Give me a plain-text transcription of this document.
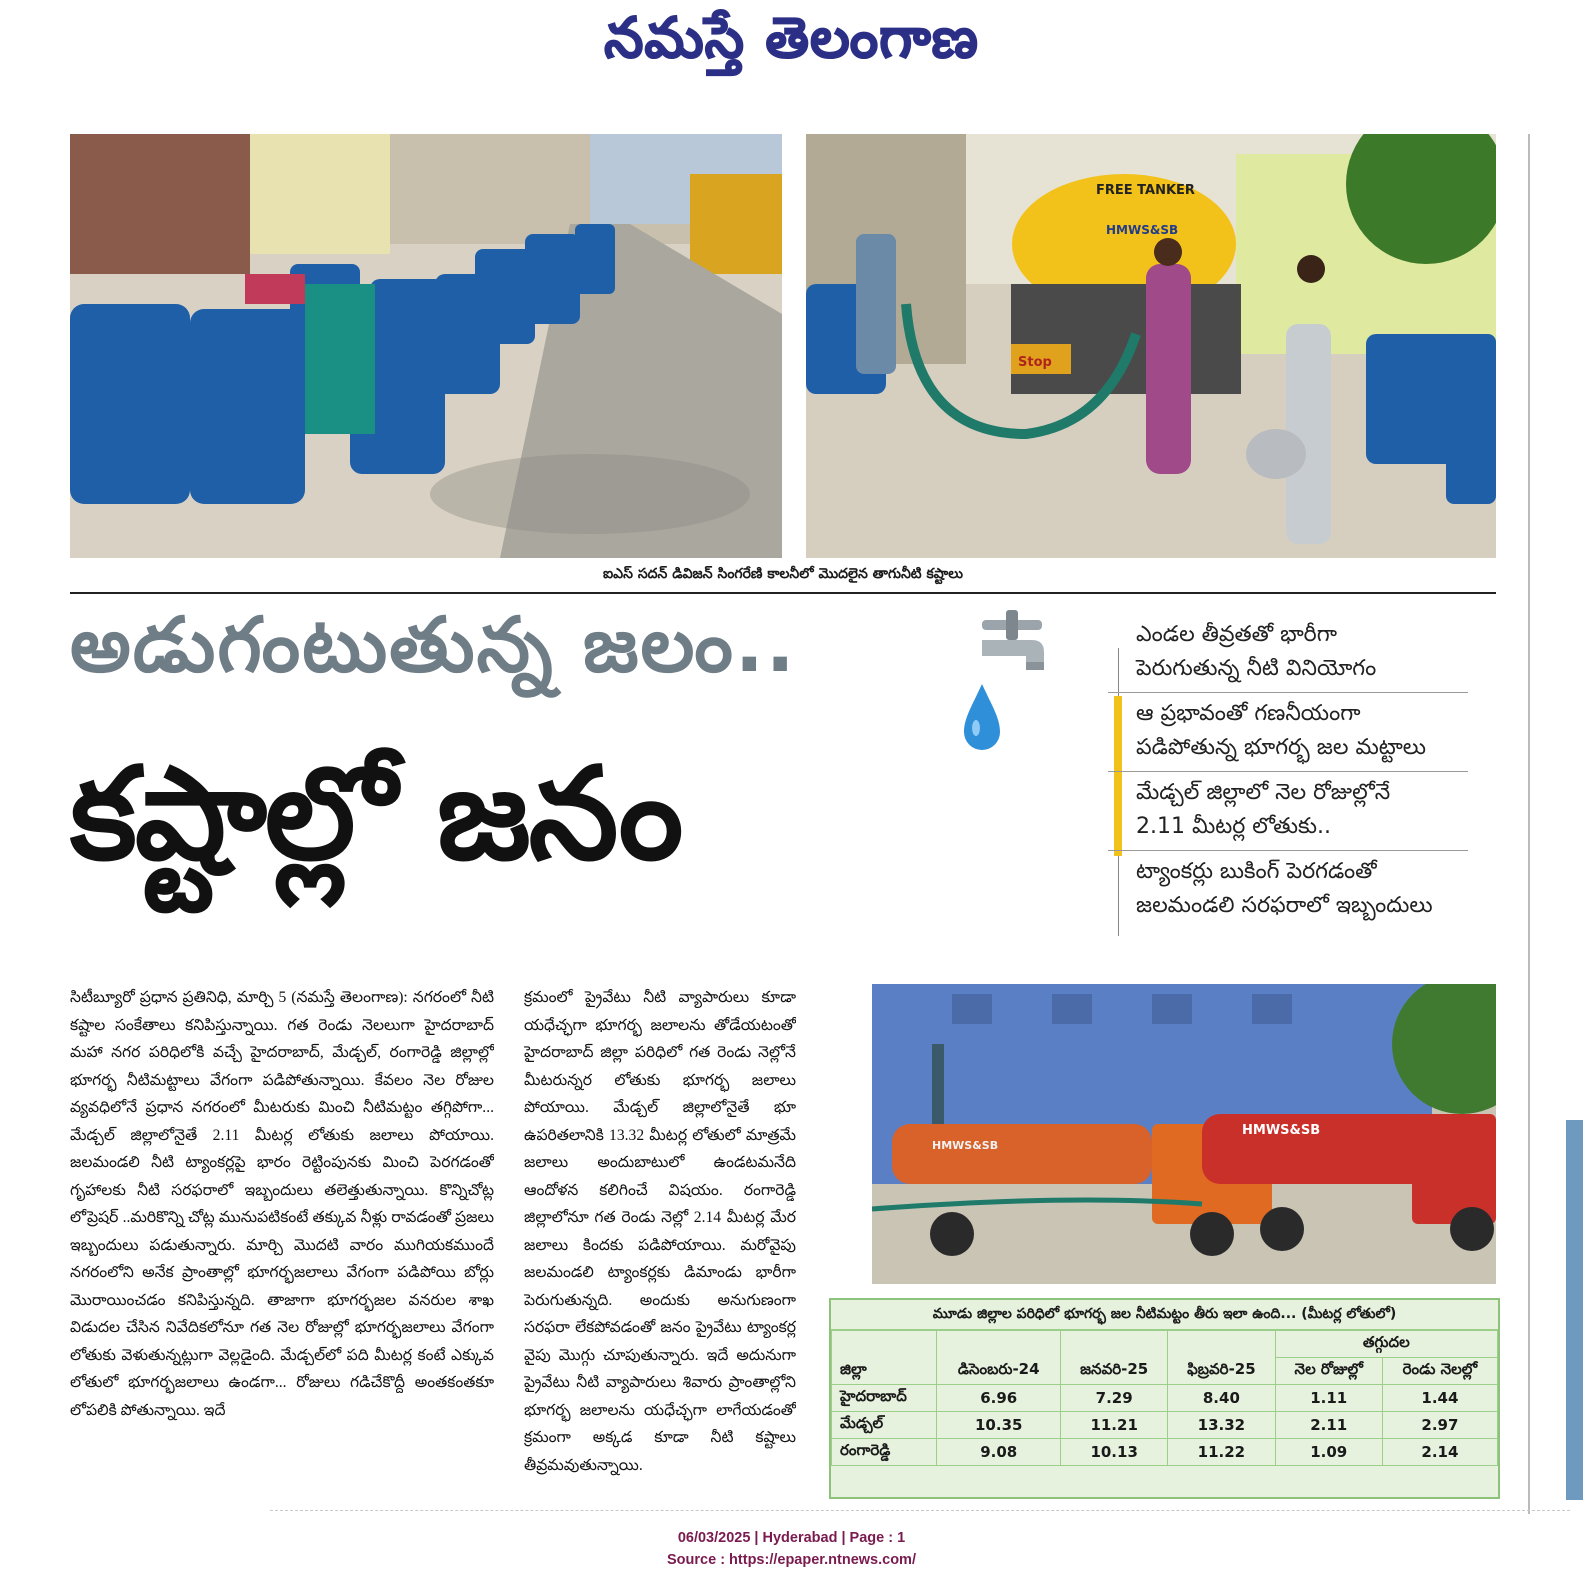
నమస్తే తెలంగాణ
FREE TANKER
HMWS&SB
Stop
ఐఎస్ సదన్ డివిజన్ సింగరేణి కాలనీలో మొదలైన తాగునీటి కష్టాలు
అడుగంటుతున్న జలం..
కష్టాల్లో జనం
ఎండల తీవ్రతతో భారీగా
పెరుగుతున్న నీటి వినియోగం
ఆ ప్రభావంతో గణనీయంగా
పడిపోతున్న భూగర్భ జల మట్టాలు
మేడ్చల్ జిల్లాలో నెల రోజుల్లోనే
2.11 మీటర్ల లోతుకు..
ట్యాంకర్లు బుకింగ్ పెరగడంతో
జలమండలి సరఫరాలో ఇబ్బందులు
సిటీబ్యూరో ప్రధాన ప్రతినిధి, మార్చి 5 (నమస్తే తెలంగాణ): నగరంలో నీటి కష్టాల సంకేతాలు కనిపిస్తున్నాయి. గత రెండు నెలలుగా హైదరాబాద్ మహా నగర పరిధిలోకి వచ్చే హైదరాబాద్, మేడ్చల్, రంగారెడ్డి జిల్లాల్లో భూగర్భ నీటిమట్టాలు వేగంగా పడిపోతున్నాయి. కేవలం నెల రోజుల వ్యవధిలోనే ప్రధాన నగరంలో మీటరుకు మించి నీటిమట్టం తగ్గిపోగా... మేడ్చల్ జిల్లాలోనైతే 2.11 మీటర్ల లోతుకు జలాలు పోయాయి. జలమండలి నీటి ట్యాంకర్లపై భారం రెట్టింపునకు మించి పెరగడంతో గృహాలకు నీటి సరఫరాలో ఇబ్బందులు తలెత్తుతున్నాయి. కొన్నిచోట్ల లోప్రెషర్ ..మరికొన్ని చోట్ల మునుపటికంటే తక్కువ నీళ్లు రావడంతో ప్రజలు ఇబ్బందులు పడుతున్నారు. మార్చి మొదటి వారం ముగియకముందే నగరంలోని అనేక ప్రాంతాల్లో భూగర్భజలాలు వేగంగా పడిపోయి బోర్లు మొరాయించడం కనిపిస్తున్నది. తాజాగా భూగర్భజల వనరుల శాఖ విడుదల చేసిన నివేదికలోనూ గత నెల రోజుల్లో భూగర్భజలాలు వేగంగా లోతుకు వెళుతున్నట్లుగా వెల్లడైంది. మేడ్చల్‌లో పది మీటర్ల కంటే ఎక్కువ లోతులో భూగర్భజలాలు ఉండగా... రోజులు గడిచేకొద్దీ అంతకంతకూ లోపలికి పోతున్నాయి. ఇదే
క్రమంలో ప్రైవేటు నీటి వ్యాపారులు కూడా యధేచ్ఛగా భూగర్భ జలాలను తోడేయటంతో హైదరాబాద్ జిల్లా పరిధిలో గత రెండు నెల్లోనే మీటరున్నర లోతుకు భూగర్భ జలాలు పోయాయి. మేడ్చల్ జిల్లాలోనైతే భూ ఉపరితలానికి 13.32 మీటర్ల లోతులో మాత్రమే జలాలు అందుబాటులో ఉండటమనేది ఆందోళన కలిగించే విషయం. రంగారెడ్డి జిల్లాలోనూ గత రెండు నెల్లో 2.14 మీటర్ల మేర జలాలు కిందకు పడిపోయాయి. మరోవైపు జలమండలి ట్యాంకర్లకు డిమాండు భారీగా పెరుగుతున్నది. అందుకు అనుగుణంగా సరఫరా లేకపోవడంతో జనం ప్రైవేటు ట్యాంకర్ల వైపు మొగ్గు చూపుతున్నారు. ఇదే అదునుగా ప్రైవేటు నీటి వ్యాపారులు శివారు ప్రాంతాల్లోని భూగర్భ జలాలను యధేచ్ఛగా లాగేయడంతో క్రమంగా అక్కడ కూడా నీటి కష్టాలు తీవ్రమవుతున్నాయి.
HMWS&SB
HMWS&SB
మూడు జిల్లాల పరిధిలో భూగర్భ జల నీటిమట్టం తీరు ఇలా ఉంది... (మీటర్ల లోతులో)
				తగ్గుదల	
జిల్లా	డిసెంబరు-24	జనవరి-25	ఫిబ్రవరి-25	నెల రోజుల్లో	రెండు నెలల్లో
హైదరాబాద్	6.96	7.29	8.40	1.11	1.44
మేడ్చల్	10.35	11.21	13.32	2.11	2.97
రంగారెడ్డి	9.08	10.13	11.22	1.09	2.14
06/03/2025 | Hyderabad | Page : 1
Source : https://epaper.ntnews.com/
